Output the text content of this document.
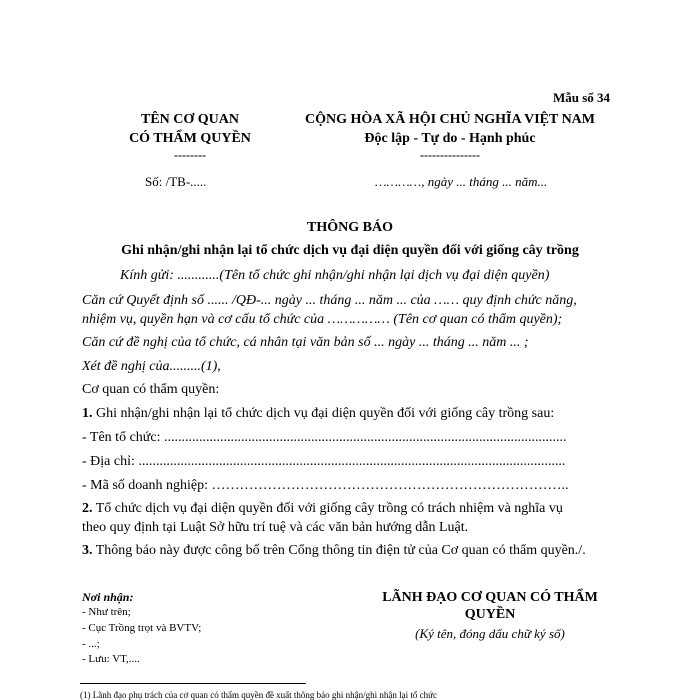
Mẫu số 34
TÊN CƠ QUAN
CÓ THẨM QUYỀN
--------
Số: /TB-.....
CỘNG HÒA XÃ HỘI CHỦ NGHĨA VIỆT NAM
Độc lập - Tự do - Hạnh phúc
---------------
…………, ngày ... tháng ... năm...
THÔNG BÁO
Ghi nhận/ghi nhận lại tổ chức dịch vụ đại diện quyền đối với giống cây trồng
Kính gửi: ............(Tên tổ chức ghi nhận/ghi nhận lại dịch vụ đại diện quyền)
Căn cứ Quyết định số ...... /QĐ-... ngày ... tháng ... năm ... của …… quy định chức năng,
nhiệm vụ, quyền hạn và cơ cấu tổ chức của …………… (Tên cơ quan có thẩm quyền);
Căn cứ đề nghị của tổ chức, cá nhân tại văn bản số ... ngày ... tháng ... năm ... ;
Xét đề nghị của.........(1),
Cơ quan có thẩm quyền:
1. Ghi nhận/ghi nhận lại tổ chức dịch vụ đại diện quyền đối với giống cây trồng sau:
- Tên tổ chức: ...................................................................................................................
- Địa chỉ: ..........................................................................................................................
- Mã số doanh nghiệp: …………………………………………………………………..
2. Tổ chức dịch vụ đại diện quyền đối với giống cây trồng có trách nhiệm và nghĩa vụ
theo quy định tại Luật Sở hữu trí tuệ và các văn bản hướng dẫn Luật.
3. Thông báo này được công bố trên Cổng thông tin điện tử của Cơ quan có thẩm quyền./.
Nơi nhận:
- Như trên;
- Cục Trồng trọt và BVTV;
- ...;
- Lưu: VT,....
LÃNH ĐẠO CƠ QUAN CÓ THẨM
QUYỀN
(Ký tên, đóng dấu chữ ký số)
(1) Lãnh đạo phụ trách của cơ quan có thẩm quyền đề xuất thông báo ghi nhận/ghi nhận lại tổ chức
